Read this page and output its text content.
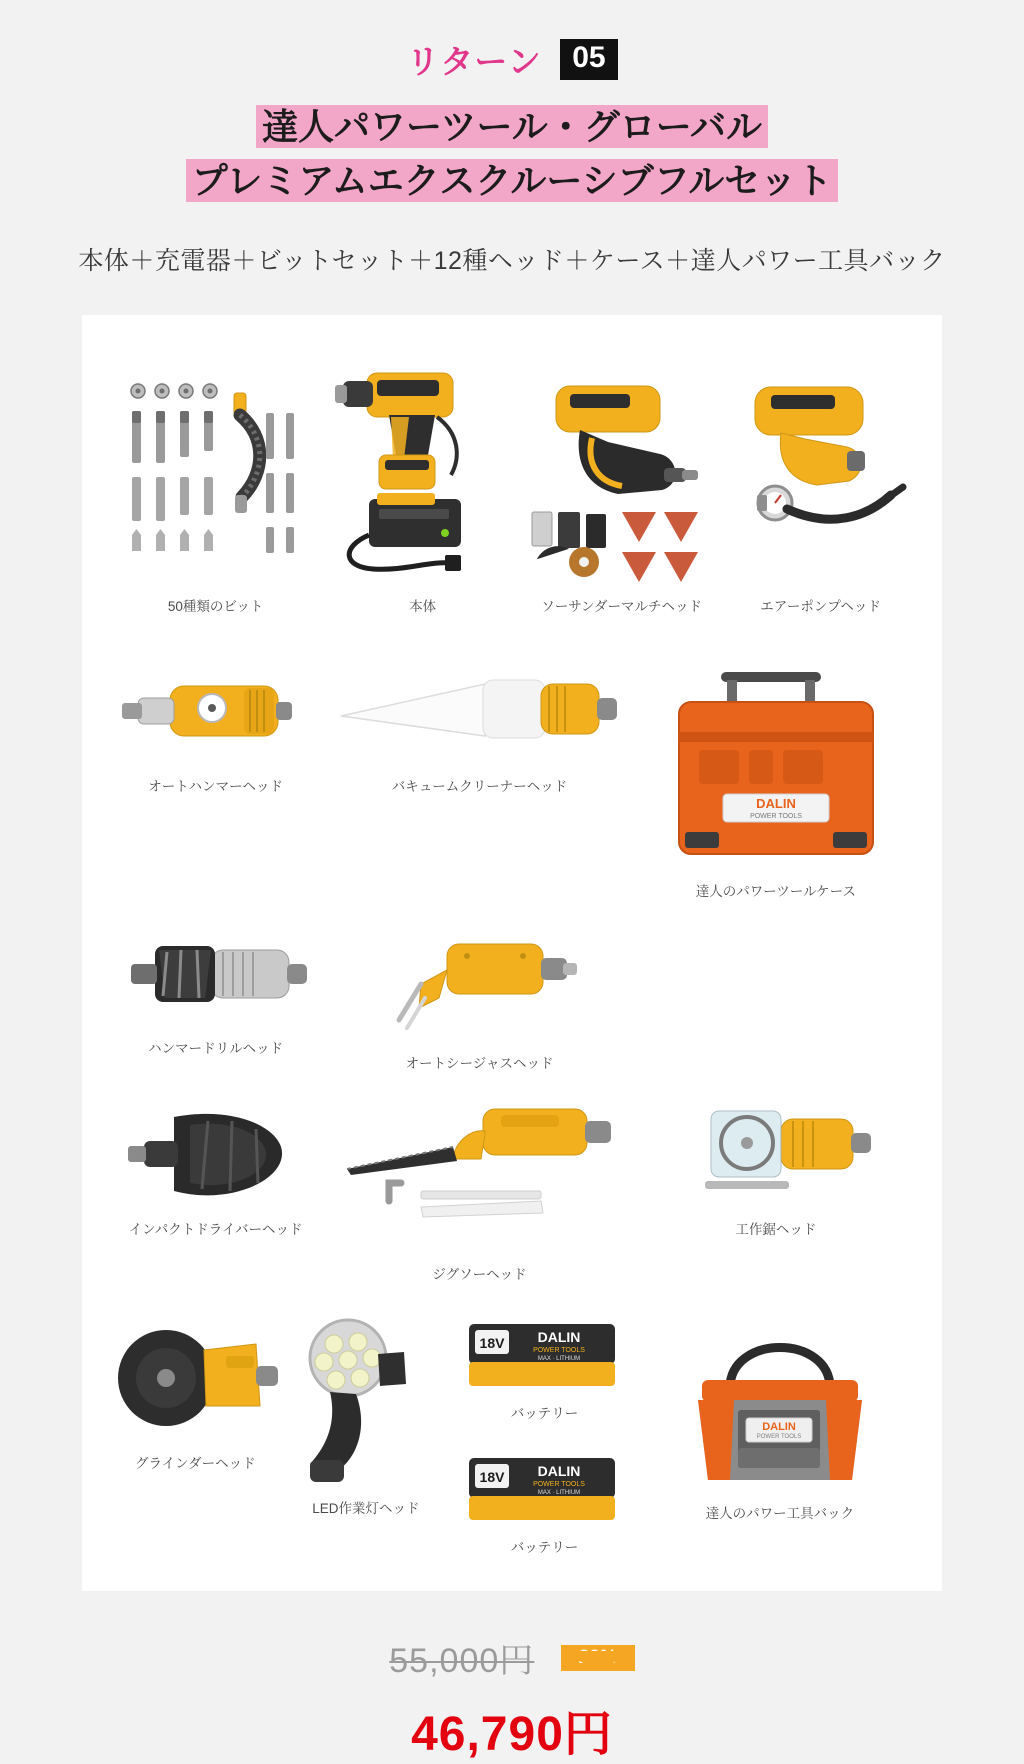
リターン 05
達人パワーツール・グローバル
プレミアムエクスクルーシブフルセット
本体＋充電器＋ビットセット＋12種ヘッド＋ケース＋達人パワー工具バック
50種類のビット	本体	ソーサンダーマルチヘッド	エアーポンプヘッド
オートハンマーヘッド	バキュームクリーナーヘッド
DALIN
POWER TOOLS
達人のパワーツールケース
ハンマードリルヘッド
オートシージャスヘッド
インパクトドライバーヘッド
ジグソーヘッド
工作鋸ヘッド
グラインダーヘッド
LED作業灯ヘッド
18V DALIN
POWER TOOLS
MAX · LITHIUM
バッテリー
18V DALIN
POWER TOOLS
MAX · LITHIUM
バッテリー
DALIN
POWER TOOLS
達人のパワー工具バック
55,000円	20%
46,790円
